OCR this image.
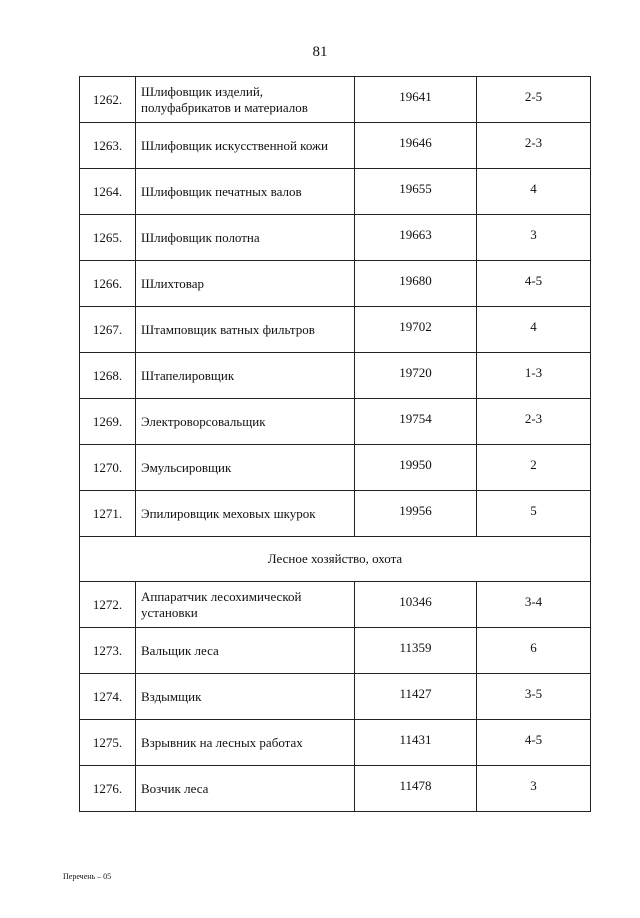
81
1262.	Шлифовщик изделий, полуфабрикатов и материалов	19641	2-5
1263.	Шлифовщик искусственной кожи	19646	2-3
1264.	Шлифовщик печатных валов	19655	4
1265.	Шлифовщик полотна	19663	3
1266.	Шлихтовар	19680	4-5
1267.	Штамповщик ватных фильтров	19702	4
1268.	Штапелировщик	19720	1-3
1269.	Электроворсовальщик	19754	2-3
1270.	Эмульсировщик	19950	2
1271.	Эпилировщик меховых шкурок	19956	5
Лесное хозяйство, охота			
1272.	Аппаратчик лесохимической установки	10346	3-4
1273.	Вальщик леса	11359	6
1274.	Вздымщик	11427	3-5
1275.	Взрывник на лесных работах	11431	4-5
1276.	Возчик леса	11478	3
Перечень – 05
